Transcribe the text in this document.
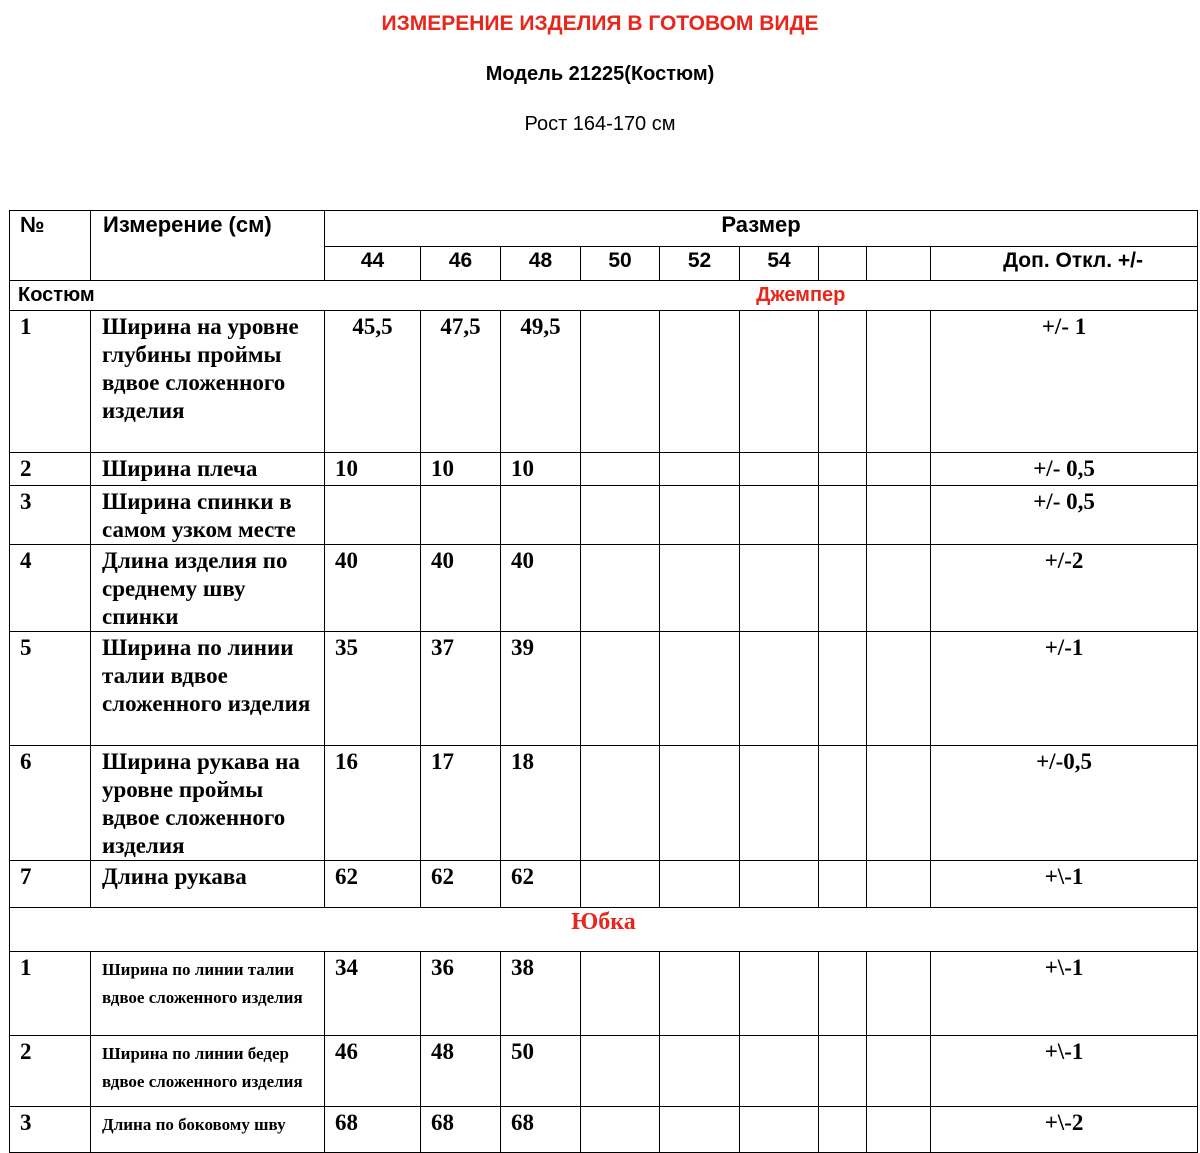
ИЗМЕРЕНИЕ ИЗДЕЛИЯ В ГОТОВОМ ВИДЕ
Модель 21225(Костюм)
Рост 164-170 см
№	Измерение (см)	Размер								
		44	46	48	50	52	54			Доп. Откл. +/-
Костюм		Джемпер								
1	Ширина на уровне глубины проймы вдвое сложенного изделия	45,5	47,5	49,5						+/- 1
2	Ширина плеча	10	10	10						+/- 0,5
3	Ширина спинки в самом узком месте									+/- 0,5
4	Длина изделия по среднему шву спинки	40	40	40						+/-2
5	Ширина по линии талии вдвое сложенного изделия	35	37	39						+/-1
6	Ширина рукава на уровне проймы вдвое сложенного изделия	16	17	18						+/-0,5
7	Длина рукава	62	62	62						+\-1
Юбка										
1	Ширина по линии талии вдвое сложенного изделия	34	36	38						+\-1
2	Ширина по линии бедер вдвое сложенного изделия	46	48	50						+\-1
3	Длина по боковому шву	68	68	68						+\-2
